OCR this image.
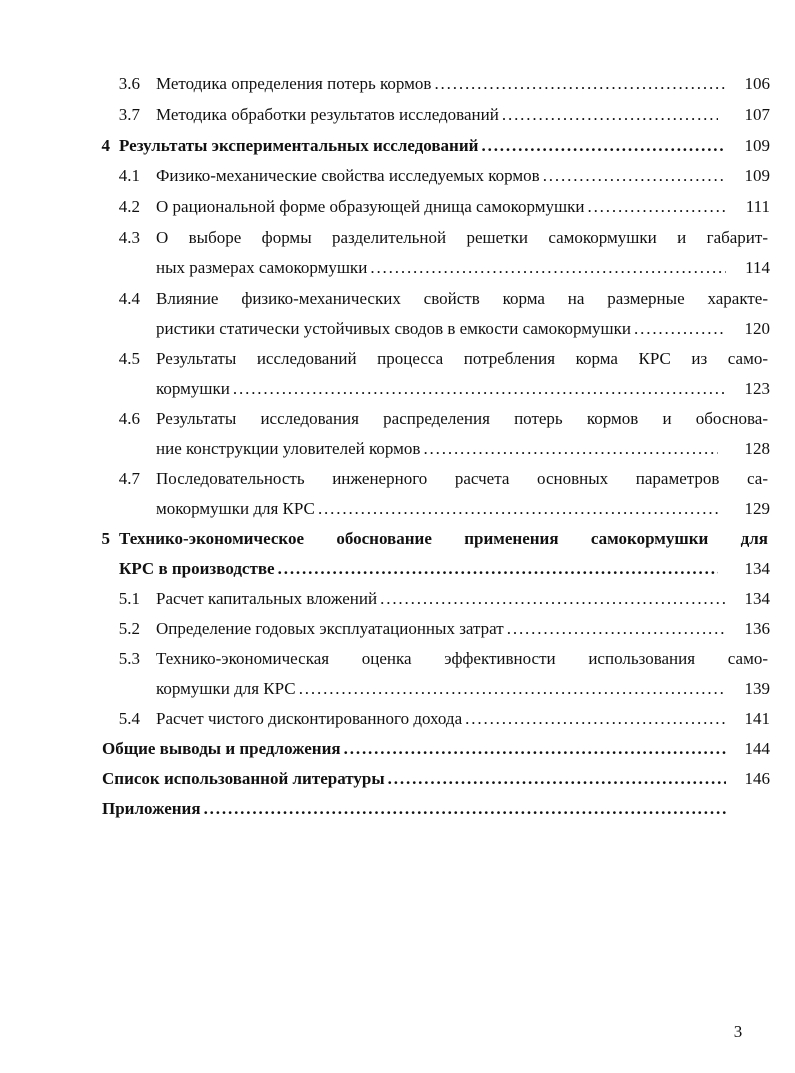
3.6 Методика определения потерь кормов . . .	106
3.7 Методика обработки результатов исследований . . .	107
4 Результаты экспериментальных исследований . . .	109
4.1 Физико-механические свойства исследуемых кормов . . .	109
4.2 О рациональной форме образующей днища самокормушки . . .	111
4.3 О выборе формы разделительной решетки самокормушки и габарит-
ных размерах самокормушки . . .	114
4.4 Влияние физико-механических свойств корма на размерные характе-
ристики статически устойчивых сводов в емкости самокормушки . . .	120
4.5 Результаты исследований процесса потребления корма КРС из само-
кормушки . . .	123
4.6 Результаты исследования распределения потерь кормов и обоснова-
ние конструкции уловителей кормов . . .	128
4.7 Последовательность инженерного расчета основных параметров са-
мокормушки для КРС . . .	129
5 Технико-экономическое обоснование применения самокормушки для
КРС в производстве . . .	134
5.1 Расчет капитальных вложений . . .	134
5.2 Определение годовых эксплуатационных затрат . . .	136
5.3 Технико-экономическая оценка эффективности использования само-
кормушки для КРС . . .	139
5.4 Расчет чистого дисконтированного дохода . . .	141
Общие выводы и предложения . . .	144
Список использованной литературы . . .	146
Приложения . . .
3
